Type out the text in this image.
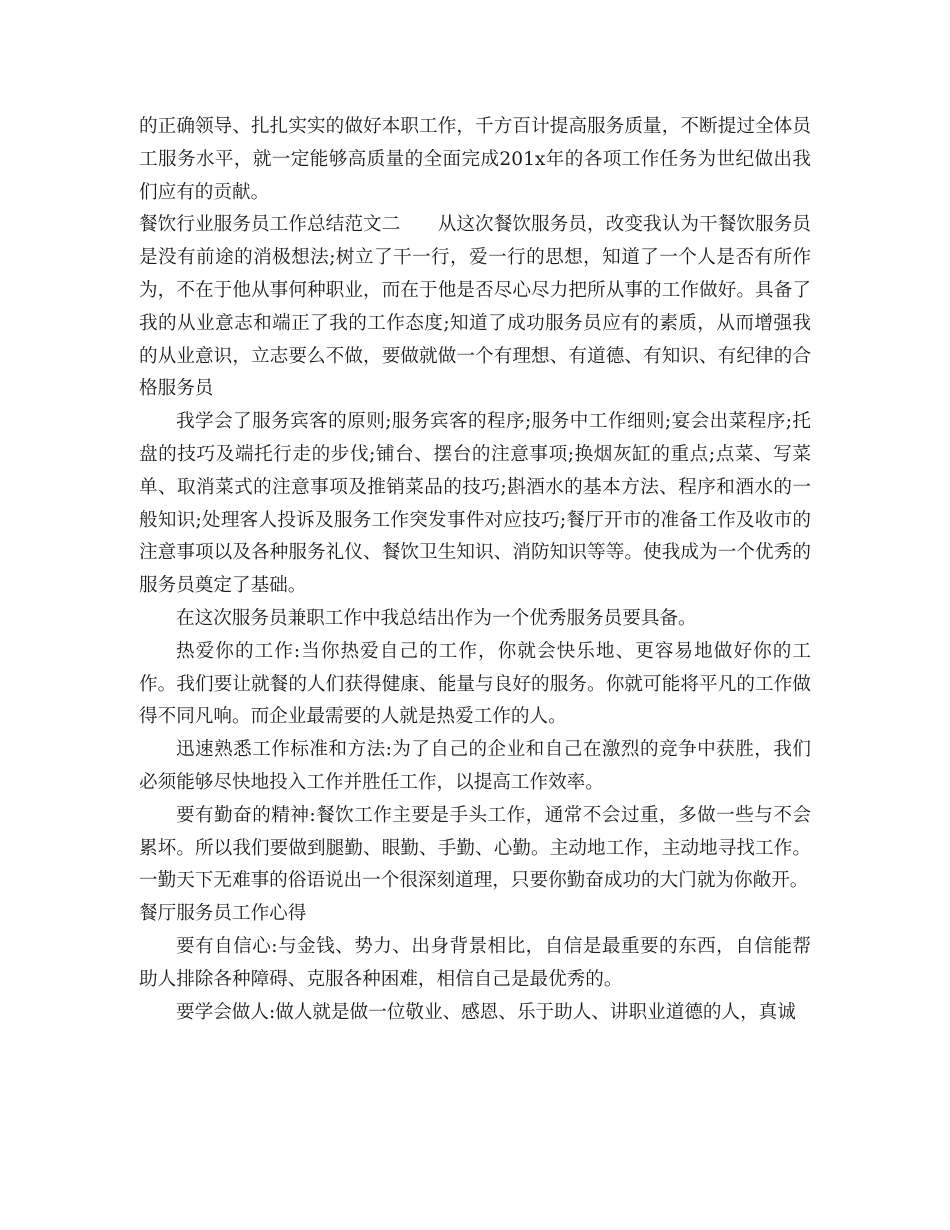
的正确领导、扎扎实实的做好本职工作，千方百计提高服务质量，不断提过全体员工服务水平，就一定能够高质量的全面完成201x年的各项工作任务为世纪做出我们应有的贡献。

餐饮行业服务员工作总结范文二　　从这次餐饮服务员，改变我认为干餐饮服务员是没有前途的消极想法;树立了干一行，爱一行的思想，知道了一个人是否有所作为，不在于他从事何种职业，而在于他是否尽心尽力把所从事的工作做好。具备了我的从业意志和端正了我的工作态度;知道了成功服务员应有的素质，从而增强我的从业意识，立志要么不做，要做就做一个有理想、有道德、有知识、有纪律的合格服务员

我学会了服务宾客的原则;服务宾客的程序;服务中工作细则;宴会出菜程序;托盘的技巧及端托行走的步伐;铺台、摆台的注意事项;换烟灰缸的重点;点菜、写菜单、取消菜式的注意事项及推销菜品的技巧;斟酒水的基本方法、程序和酒水的一般知识;处理客人投诉及服务工作突发事件对应技巧;餐厅开市的准备工作及收市的注意事项以及各种服务礼仪、餐饮卫生知识、消防知识等等。使我成为一个优秀的服务员奠定了基础。

在这次服务员兼职工作中我总结出作为一个优秀服务员要具备。

热爱你的工作:当你热爱自己的工作，你就会快乐地、更容易地做好你的工作。我们要让就餐的人们获得健康、能量与良好的服务。你就可能将平凡的工作做得不同凡响。而企业最需要的人就是热爱工作的人。

迅速熟悉工作标准和方法:为了自己的企业和自己在激烈的竞争中获胜，我们必须能够尽快地投入工作并胜任工作，以提高工作效率。

要有勤奋的精神:餐饮工作主要是手头工作，通常不会过重，多做一些与不会累坏。所以我们要做到腿勤、眼勤、手勤、心勤。主动地工作，主动地寻找工作。一勤天下无难事的俗语说出一个很深刻道理，只要你勤奋成功的大门就为你敞开。

餐厅服务员工作心得

要有自信心:与金钱、势力、出身背景相比，自信是最重要的东西，自信能帮助人排除各种障碍、克服各种困难，相信自己是最优秀的。

要学会做人:做人就是做一位敬业、感恩、乐于助人、讲职业道德的人，真诚
